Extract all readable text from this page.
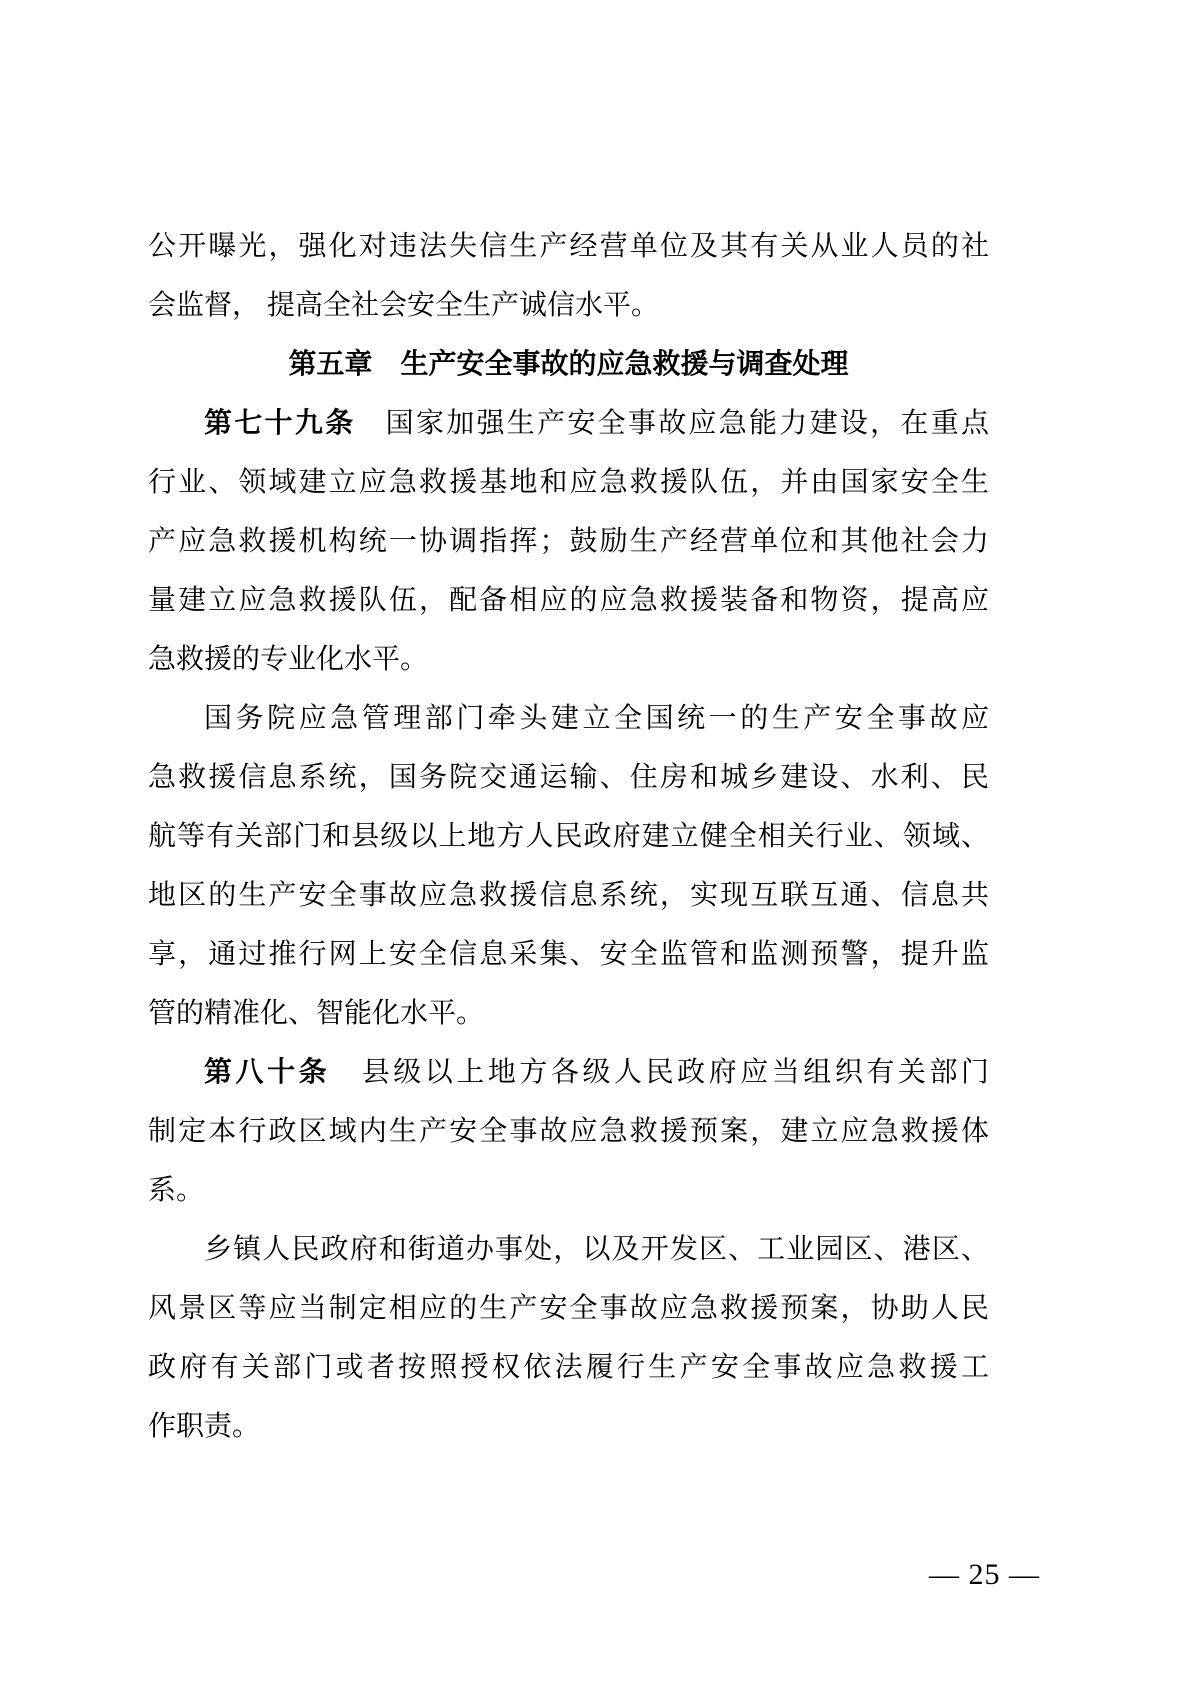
公开曝光，强化对违法失信生产经营单位及其有关从业人员的社
会监督， 提高全社会安全生产诚信水平。
第五章　生产安全事故的应急救援与调查处理
第七十九条　国家加强生产安全事故应急能力建设，在重点
行业、领域建立应急救援基地和应急救援队伍，并由国家安全生
产应急救援机构统一协调指挥；鼓励生产经营单位和其他社会力
量建立应急救援队伍，配备相应的应急救援装备和物资，提高应
急救援的专业化水平。
国务院应急管理部门牵头建立全国统一的生产安全事故应
急救援信息系统，国务院交通运输、住房和城乡建设、水利、民
航等有关部门和县级以上地方人民政府建立健全相关行业、领域、
地区的生产安全事故应急救援信息系统，实现互联互通、信息共
享，通过推行网上安全信息采集、安全监管和监测预警，提升监
管的精准化、智能化水平。
第八十条　县级以上地方各级人民政府应当组织有关部门
制定本行政区域内生产安全事故应急救援预案，建立应急救援体
系。
乡镇人民政府和街道办事处，以及开发区、工业园区、港区、
风景区等应当制定相应的生产安全事故应急救援预案，协助人民
政府有关部门或者按照授权依法履行生产安全事故应急救援工
作职责。
— 25 —
